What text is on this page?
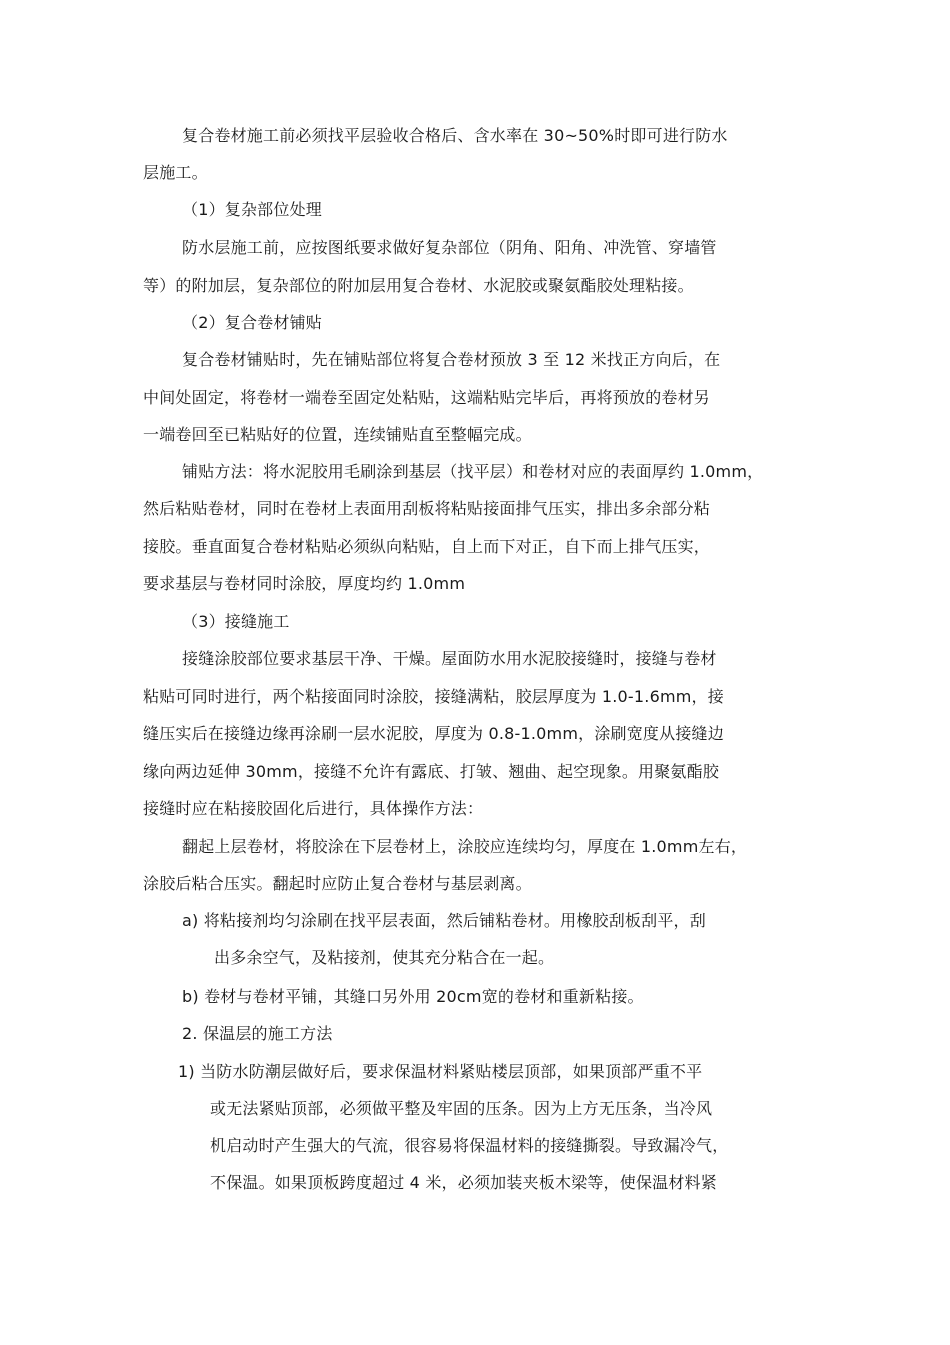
复合卷材施工前必须找平层验收合格后、含水率在 30~50%时即可进行防水
层施工。
（1）复杂部位处理
防水层施工前，应按图纸要求做好复杂部位（阴角、阳角、冲洗管、穿墙管
等）的附加层，复杂部位的附加层用复合卷材、水泥胶或聚氨酯胶处理粘接。
（2）复合卷材铺贴
复合卷材铺贴时，先在铺贴部位将复合卷材预放 3 至 12 米找正方向后，在
中间处固定，将卷材一端卷至固定处粘贴，这端粘贴完毕后，再将预放的卷材另
一端卷回至已粘贴好的位置，连续铺贴直至整幅完成。
铺贴方法：将水泥胶用毛刷涂到基层（找平层）和卷材对应的表面厚约 1.0mm，
然后粘贴卷材，同时在卷材上表面用刮板将粘贴接面排气压实，排出多余部分粘
接胶。垂直面复合卷材粘贴必须纵向粘贴，自上而下对正，自下而上排气压实，
要求基层与卷材同时涂胶，厚度均约 1.0mm
（3）接缝施工
接缝涂胶部位要求基层干净、干燥。屋面防水用水泥胶接缝时，接缝与卷材
粘贴可同时进行，两个粘接面同时涂胶，接缝满粘，胶层厚度为 1.0-1.6mm，接
缝压实后在接缝边缘再涂刷一层水泥胶，厚度为 0.8-1.0mm，涂刷宽度从接缝边
缘向两边延伸 30mm，接缝不允许有露底、打皱、翘曲、起空现象。用聚氨酯胶
接缝时应在粘接胶固化后进行，具体操作方法：
翻起上层卷材，将胶涂在下层卷材上，涂胶应连续均匀，厚度在 1.0mm左右，
涂胶后粘合压实。翻起时应防止复合卷材与基层剥离。
a) 将粘接剂均匀涂刷在找平层表面，然后铺粘卷材。用橡胶刮板刮平，刮
出多余空气，及粘接剂，使其充分粘合在一起。
b) 卷材与卷材平铺，其缝口另外用 20cm宽的卷材和重新粘接。
2. 保温层的施工方法
1) 当防水防潮层做好后，要求保温材料紧贴楼层顶部，如果顶部严重不平
或无法紧贴顶部，必须做平整及牢固的压条。因为上方无压条，当冷风
机启动时产生强大的气流，很容易将保温材料的接缝撕裂。导致漏冷气，
不保温。如果顶板跨度超过 4 米，必须加装夹板木梁等，使保温材料紧
